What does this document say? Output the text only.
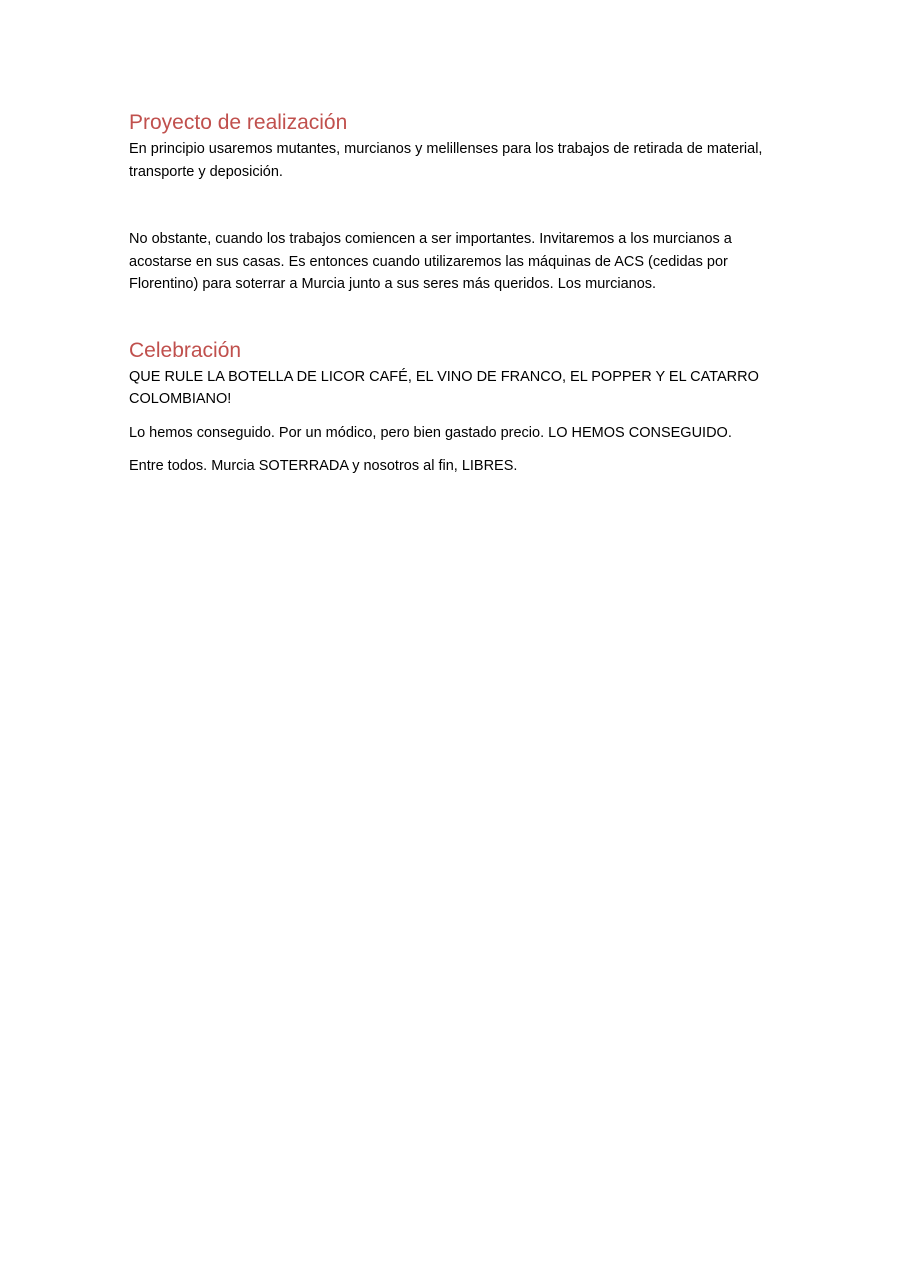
Proyecto de realización

En principio usaremos mutantes, murcianos y melillenses para los trabajos de retirada de material, transporte y deposición.

No obstante, cuando los trabajos comiencen a ser importantes. Invitaremos a los murcianos a acostarse en sus casas. Es entonces cuando utilizaremos las máquinas de ACS (cedidas por Florentino) para soterrar a Murcia junto a sus seres más queridos. Los murcianos.

Celebración

QUE RULE LA BOTELLA DE LICOR CAFÉ, EL VINO DE FRANCO, EL POPPER Y EL CATARRO COLOMBIANO!

Lo hemos conseguido. Por un módico, pero bien gastado precio. LO HEMOS CONSEGUIDO.

Entre todos. Murcia SOTERRADA y nosotros al fin, LIBRES.
